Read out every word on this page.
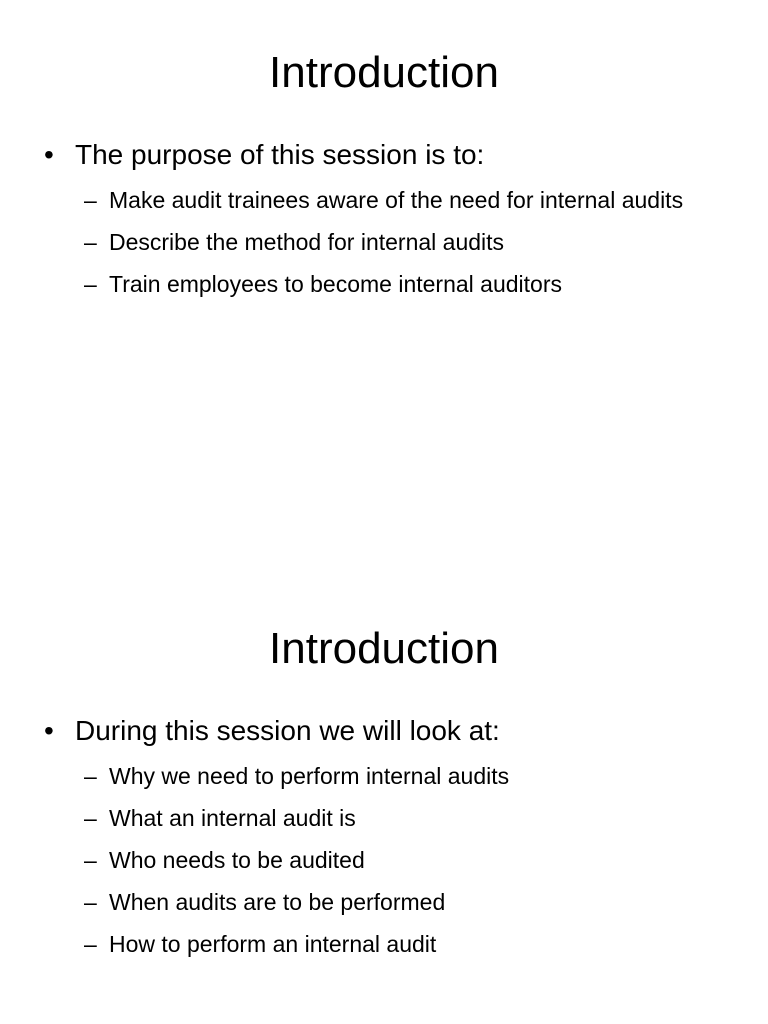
Introduction
• The purpose of this session is to:
– Make audit trainees aware of the need for internal audits
– Describe the method for internal audits
– Train employees to become internal auditors
Introduction
• During this session we will look at:
– Why we need to perform internal audits
– What an internal audit is
– Who needs to be audited
– When audits are to be performed
– How to perform an internal audit
